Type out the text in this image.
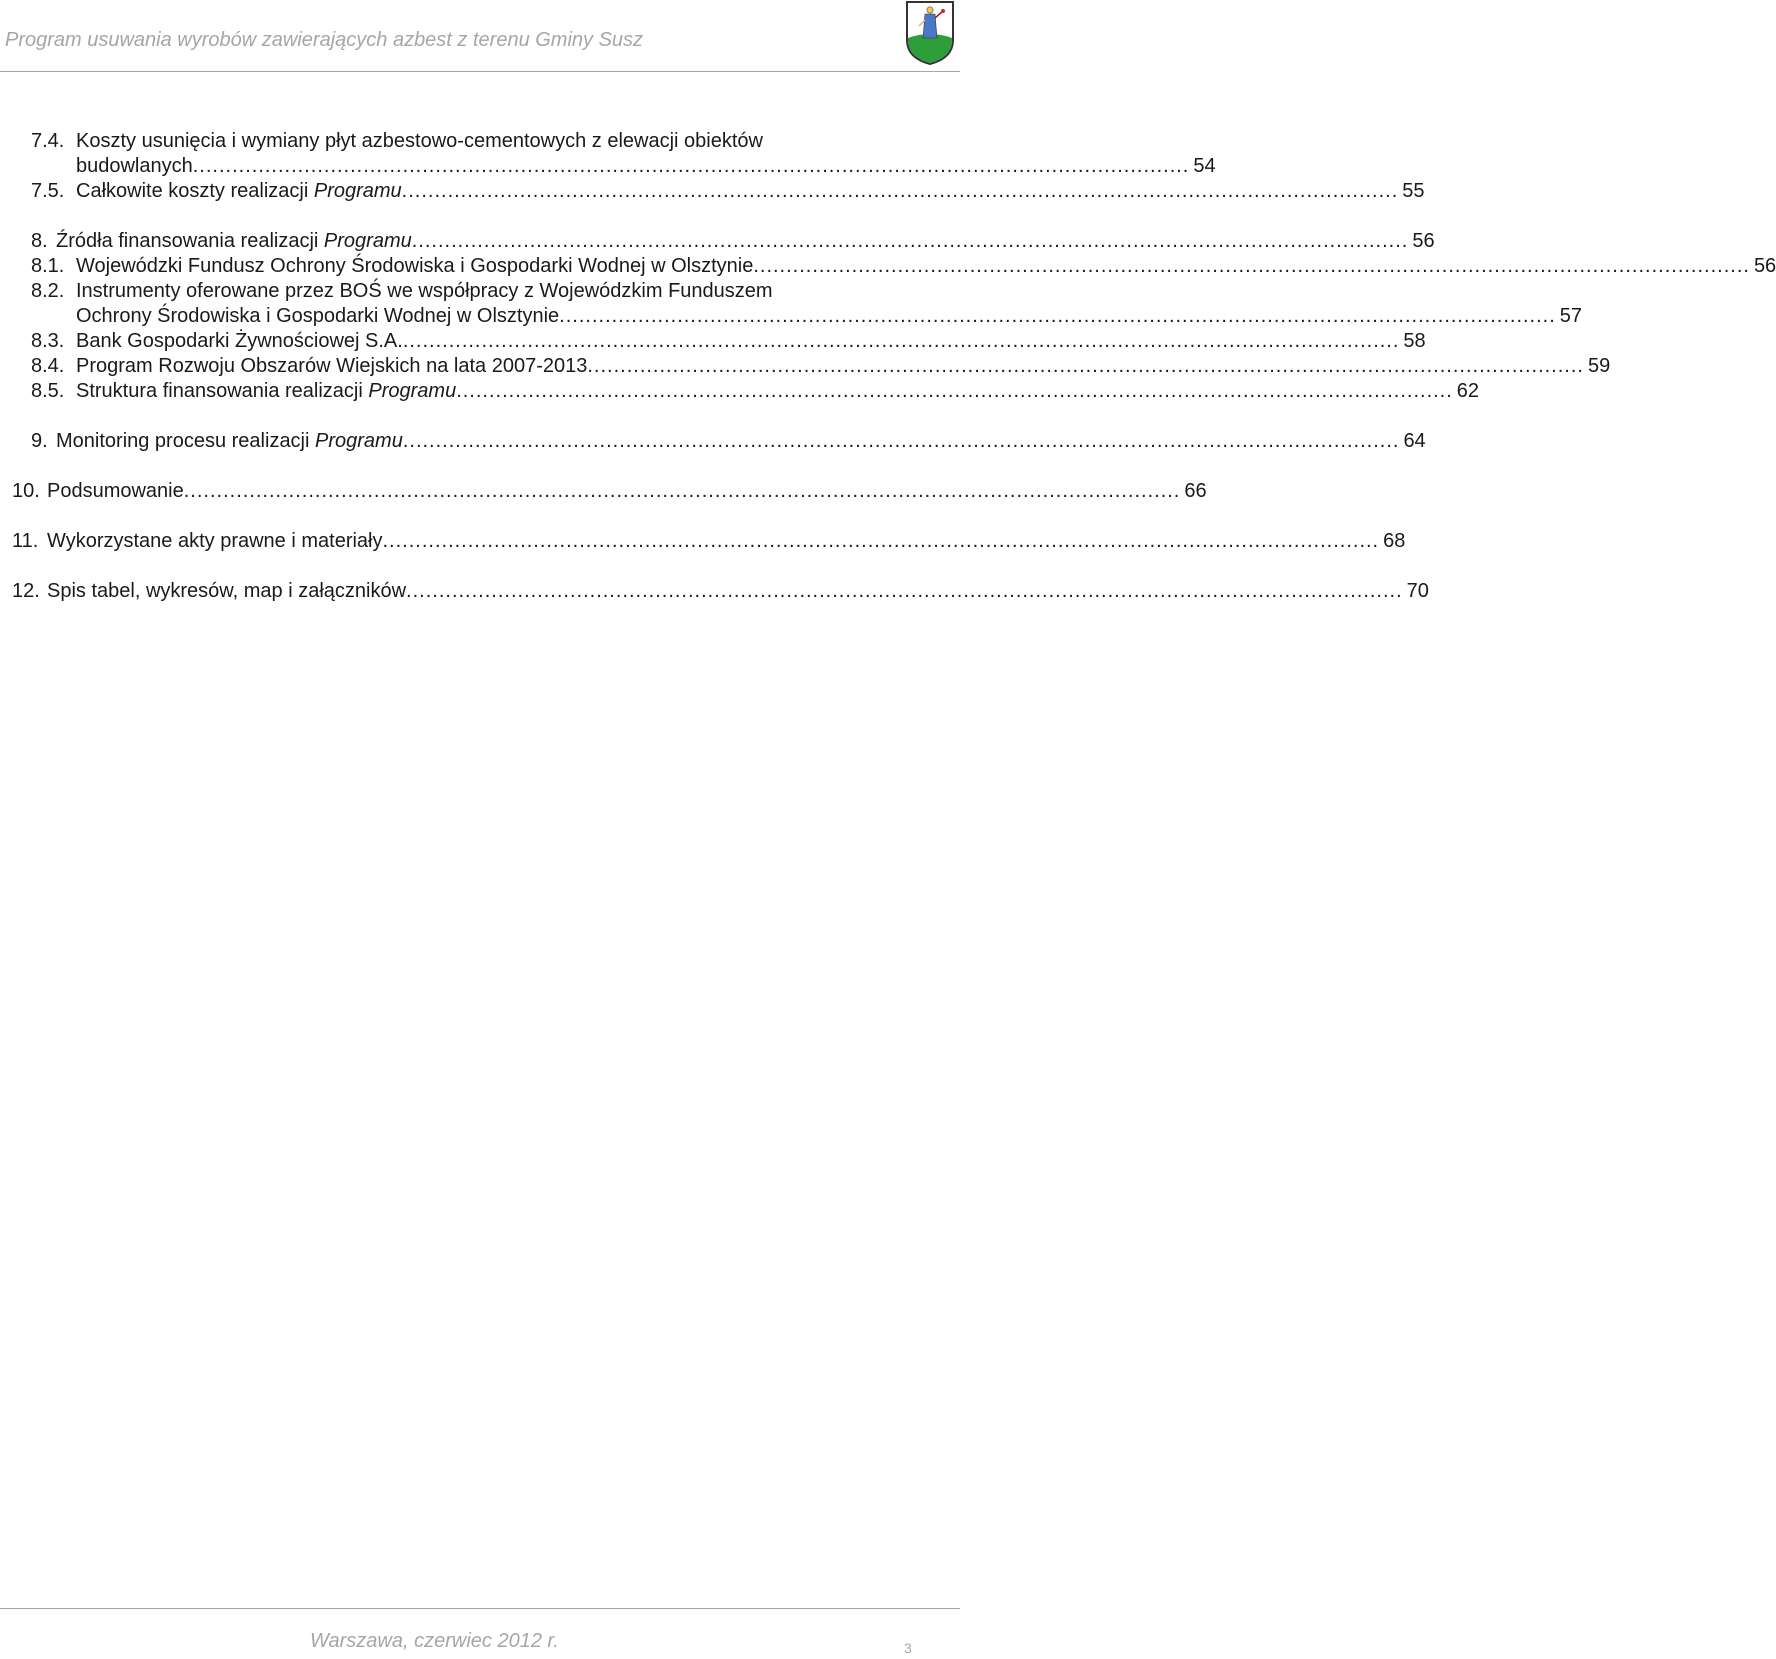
Program usuwania wyrobów zawierających azbest z terenu Gminy Susz
7.4. Koszty usunięcia i wymiany płyt azbestowo-cementowych z elewacji obiektów
budowlanych ........................................................................................................................................................ 54
7.5. Całkowite koszty realizacji Programu ........................................................................................................................................................ 55
8. Źródła finansowania realizacji Programu ........................................................................................................................................................ 56
8.1. Wojewódzki Fundusz Ochrony Środowiska i Gospodarki Wodnej w Olsztynie ........................................................................................................................................................ 56
8.2. Instrumenty oferowane przez BOŚ we współpracy z Wojewódzkim Funduszem
Ochrony Środowiska i Gospodarki Wodnej w Olsztynie ........................................................................................................................................................ 57
8.3. Bank Gospodarki Żywnościowej S.A. ........................................................................................................................................................ 58
8.4. Program Rozwoju Obszarów Wiejskich na lata 2007-2013 ........................................................................................................................................................ 59
8.5. Struktura finansowania realizacji Programu ........................................................................................................................................................ 62
9. Monitoring procesu realizacji Programu ........................................................................................................................................................ 64
10. Podsumowanie ........................................................................................................................................................ 66
11. Wykorzystane akty prawne i materiały ........................................................................................................................................................ 68
12. Spis tabel, wykresów, map i załączników ........................................................................................................................................................ 70
Warszawa, czerwiec 2012 r.	3
